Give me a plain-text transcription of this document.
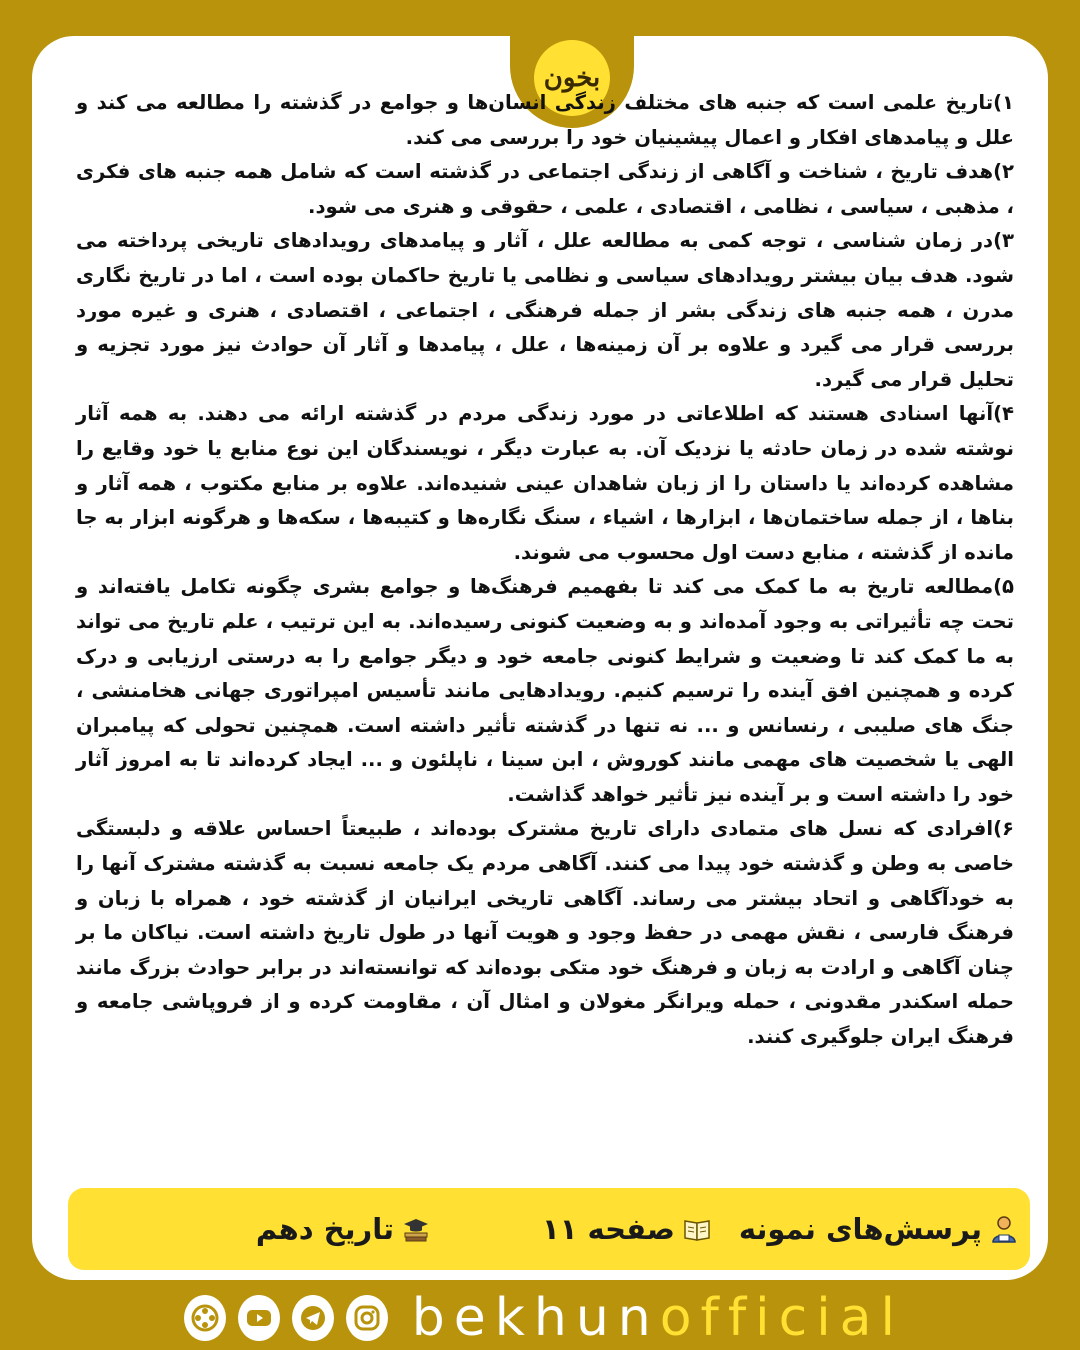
بخون

۱)تاریخ علمی است که جنبه های مختلف زندگی انسان‌ها و جوامع در گذشته را مطالعه می کند و علل و پیامدهای افکار و اعمال پیشینیان خود را بررسی می کند.

۲)هدف تاریخ ، شناخت و آگاهی از زندگی اجتماعی در گذشته است که شامل همه جنبه های فکری ، مذهبی ، سیاسی ، نظامی ، اقتصادی ، علمی ، حقوقی و هنری می شود.

۳)در زمان شناسی ، توجه کمی به مطالعه علل ، آثار و پیامدهای رویدادهای تاریخی پرداخته می شود. هدف بیان بیشتر رویدادهای سیاسی و نظامی یا تاریخ حاکمان بوده است ، اما در تاریخ نگاری مدرن ، همه جنبه های زندگی بشر از جمله فرهنگی ، اجتماعی ، اقتصادی ، هنری و غیره مورد بررسی قرار می گیرد و علاوه بر آن زمینه‌ها ، علل ، پیامدها و آثار آن حوادث نیز مورد تجزیه و تحلیل قرار می گیرد.

۴)آنها اسنادی هستند که اطلاعاتی در مورد زندگی مردم در گذشته ارائه می دهند. به همه آثار نوشته شده در زمان حادثه یا نزدیک آن. به عبارت دیگر ، نویسندگان این نوع منابع یا خود وقایع را مشاهده کرده‌اند یا داستان را از زبان شاهدان عینی شنیده‌اند. علاوه بر منابع مکتوب ، همه آثار و بناها ، از جمله ساختمان‌ها ، ابزارها ، اشیاء ، سنگ نگاره‌ها و کتیبه‌ها ، سکه‌ها و هرگونه ابزار به جا مانده از گذشته ، منابع دست اول محسوب می شوند.

۵)مطالعه تاریخ به ما کمک می کند تا بفهمیم فرهنگ‌ها و جوامع بشری چگونه تکامل یافته‌اند و تحت چه تأثیراتی به وجود آمده‌اند و به وضعیت کنونی رسیده‌اند. به این ترتیب ، علم تاریخ می تواند به ما کمک کند تا وضعیت و شرایط کنونی جامعه خود و دیگر جوامع را به درستی ارزیابی و درک کرده و همچنین افق آینده را ترسیم کنیم. رویدادهایی مانند تأسیس امپراتوری جهانی هخامنشی ، جنگ های صلیبی ، رنسانس و ... نه تنها در گذشته تأثیر داشته است. همچنین تحولی که پیامبران الهی یا شخصیت های مهمی مانند کوروش ، ابن سینا ، ناپلئون و ... ایجاد کرده‌اند تا به امروز آثار خود را داشته است و بر آینده نیز تأثیر خواهد گذاشت.

۶)افرادی که نسل های متمادی دارای تاریخ مشترک بوده‌اند ، طبیعتاً احساس علاقه و دلبستگی خاصی به وطن و گذشته خود پیدا می کنند. آگاهی مردم یک جامعه نسبت به گذشته مشترک آنها را به خودآگاهی و اتحاد بیشتر می رساند. آگاهی تاریخی ایرانیان از گذشته خود ، همراه با زبان و فرهنگ فارسی ، نقش مهمی در حفظ وجود و هویت آنها در طول تاریخ داشته است. نیاکان ما بر چنان آگاهی و ارادت به زبان و فرهنگ خود متکی بوده‌اند که توانسته‌اند در برابر حوادث بزرگ مانند حمله اسکندر مقدونی ، حمله ویرانگر مغولان و امثال آن ، مقاومت کرده و از فروپاشی جامعه و فرهنگ ایران جلوگیری کنند.

پرسش‌های نمونه
صفحه ۱۱
تاریخ دهم
bekhunofficial
